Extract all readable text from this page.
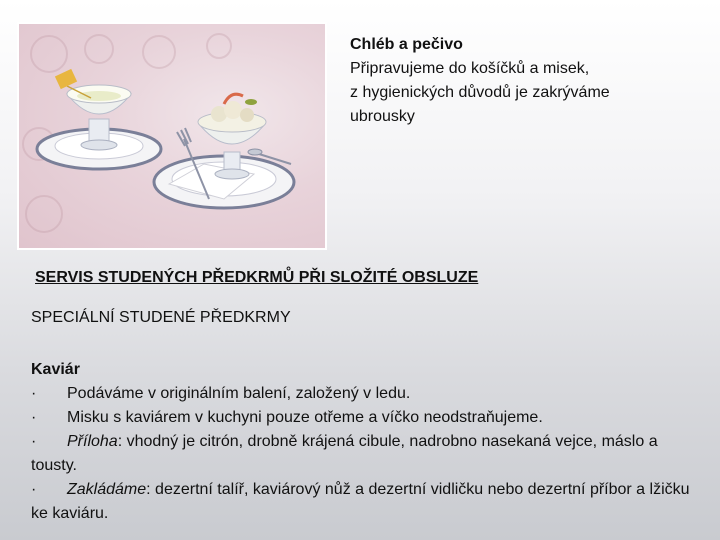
Chléb a pečivo
Připravujeme do košíčků a misek,
z hygienických důvodů je zakrýváme
ubrousky
SERVIS STUDENÝCH PŘEDKRMŮ PŘI SLOŽITÉ OBSLUZE
SPECIÁLNÍ STUDENÉ PŘEDKRMY
Kaviár
· Podáváme v originálním balení, založený v ledu.
· Misku s kaviárem v kuchyni pouze otřeme a víčko neodstraňujeme.
· Příloha: vhodný je citrón, drobně krájená cibule, nadrobno nasekaná vejce, máslo a tousty.
· Zakládáme: dezertní talíř, kaviárový nůž a dezertní vidličku nebo dezertní příbor a lžičku ke kaviáru.
